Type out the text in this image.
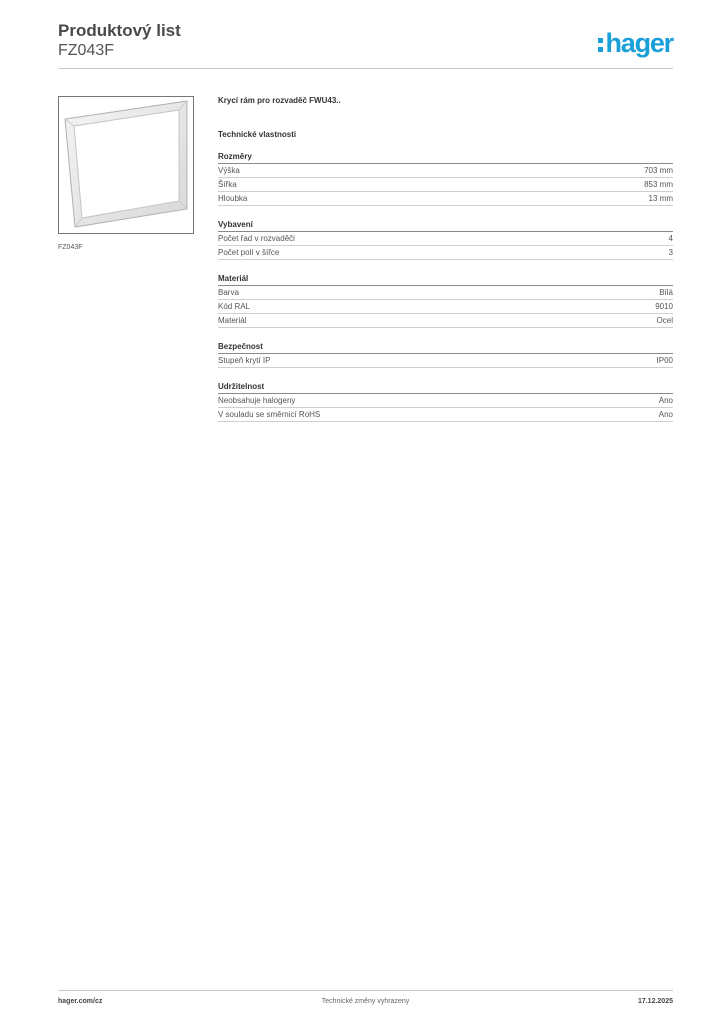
Produktový list
FZ043F	hager
FZ043F
Krycí rám pro rozvaděč FWU43..
Technické vlastnosti
Rozměry
Výška	703 mm
Šířka	853 mm
Hloubka	13 mm
Vybavení
Počet řad v rozvaděči	4
Počet polí v šířce	3
Materiál
Barva	Bílá
Kód RAL	9010
Materiál	Ocel
Bezpečnost
Stupeň krytí IP	IP00
Udržitelnost
Neobsahuje halogeny	Ano
V souladu se směrnicí RoHS	Ano
hager.com/cz	Technické změny vyhrazeny	17.12.2025
